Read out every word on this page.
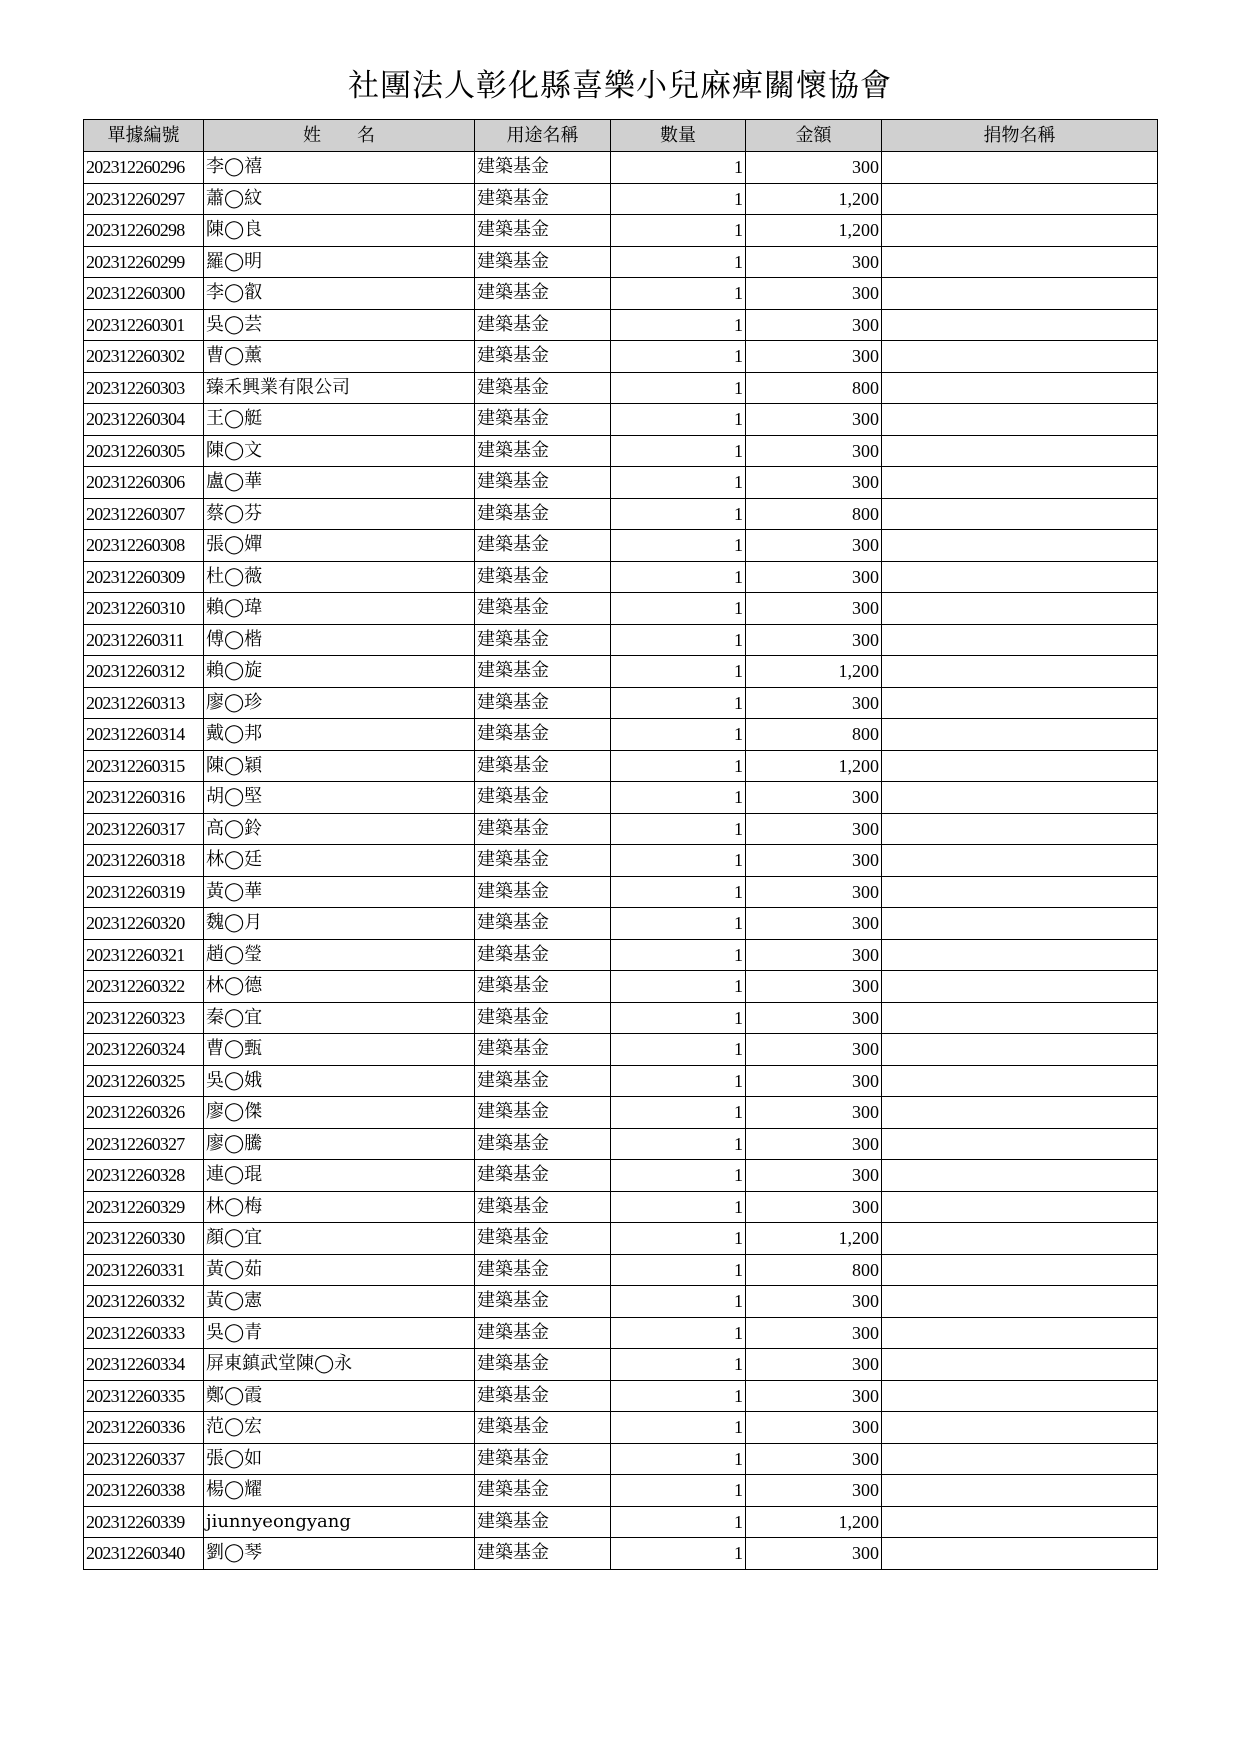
社團法人彰化縣喜樂小兒麻痺關懷協會
單據編號	姓　　名	用途名稱	數量	金額	捐物名稱
202312260296	李◯禧	建築基金	1	300	
202312260297	蕭◯紋	建築基金	1	1,200	
202312260298	陳◯良	建築基金	1	1,200	
202312260299	羅◯明	建築基金	1	300	
202312260300	李◯叡	建築基金	1	300	
202312260301	吳◯芸	建築基金	1	300	
202312260302	曹◯薰	建築基金	1	300	
202312260303	臻禾興業有限公司	建築基金	1	800	
202312260304	王◯艇	建築基金	1	300	
202312260305	陳◯文	建築基金	1	300	
202312260306	盧◯華	建築基金	1	300	
202312260307	蔡◯芬	建築基金	1	800	
202312260308	張◯嬋	建築基金	1	300	
202312260309	杜◯薇	建築基金	1	300	
202312260310	賴◯瑋	建築基金	1	300	
202312260311	傅◯楷	建築基金	1	300	
202312260312	賴◯旋	建築基金	1	1,200	
202312260313	廖◯珍	建築基金	1	300	
202312260314	戴◯邦	建築基金	1	800	
202312260315	陳◯穎	建築基金	1	1,200	
202312260316	胡◯堅	建築基金	1	300	
202312260317	高◯鈴	建築基金	1	300	
202312260318	林◯廷	建築基金	1	300	
202312260319	黃◯華	建築基金	1	300	
202312260320	魏◯月	建築基金	1	300	
202312260321	趙◯瑩	建築基金	1	300	
202312260322	林◯德	建築基金	1	300	
202312260323	秦◯宜	建築基金	1	300	
202312260324	曹◯甄	建築基金	1	300	
202312260325	吳◯娥	建築基金	1	300	
202312260326	廖◯傑	建築基金	1	300	
202312260327	廖◯騰	建築基金	1	300	
202312260328	連◯琨	建築基金	1	300	
202312260329	林◯梅	建築基金	1	300	
202312260330	顏◯宜	建築基金	1	1,200	
202312260331	黃◯茹	建築基金	1	800	
202312260332	黃◯憲	建築基金	1	300	
202312260333	吳◯青	建築基金	1	300	
202312260334	屏東鎮武堂陳◯永	建築基金	1	300	
202312260335	鄭◯霞	建築基金	1	300	
202312260336	范◯宏	建築基金	1	300	
202312260337	張◯如	建築基金	1	300	
202312260338	楊◯耀	建築基金	1	300	
202312260339	jiunnyeongyang	建築基金	1	1,200	
202312260340	劉◯琴	建築基金	1	300	
